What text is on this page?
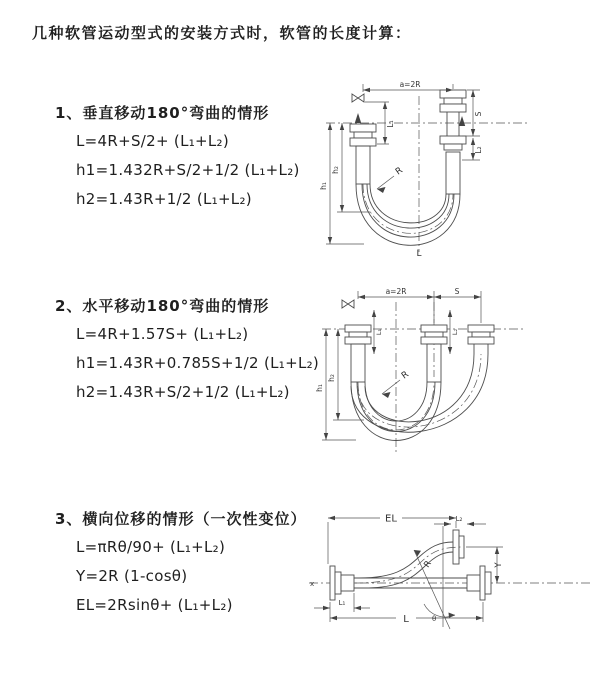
几种软管运动型式的安装方式时，软管的长度计算：
1、垂直移动180°弯曲的情形
L=4R+S/2+ (L₁+L₂)
h1=1.432R+S/2+1/2 (L₁+L₂)
h2=1.43R+1/2 (L₁+L₂)
2、水平移动180°弯曲的情形
L=4R+1.57S+ (L₁+L₂)
h1=1.43R+0.785S+1/2 (L₁+L₂)
h2=1.43R+S/2+1/2 (L₁+L₂)
3、横向位移的情形（一次性变位）
L=πRθ/90+ (L₁+L₂)
Y=2R (1-cosθ)
EL=2Rsinθ+ (L₁+L₂)
a=2R
S
L₂
L₁
h₁
h₂	R
L
a=2R	S
h₁
h₂
L₁	L₂
R
EL	L₂
Y
R
θ
L
L₁
x
